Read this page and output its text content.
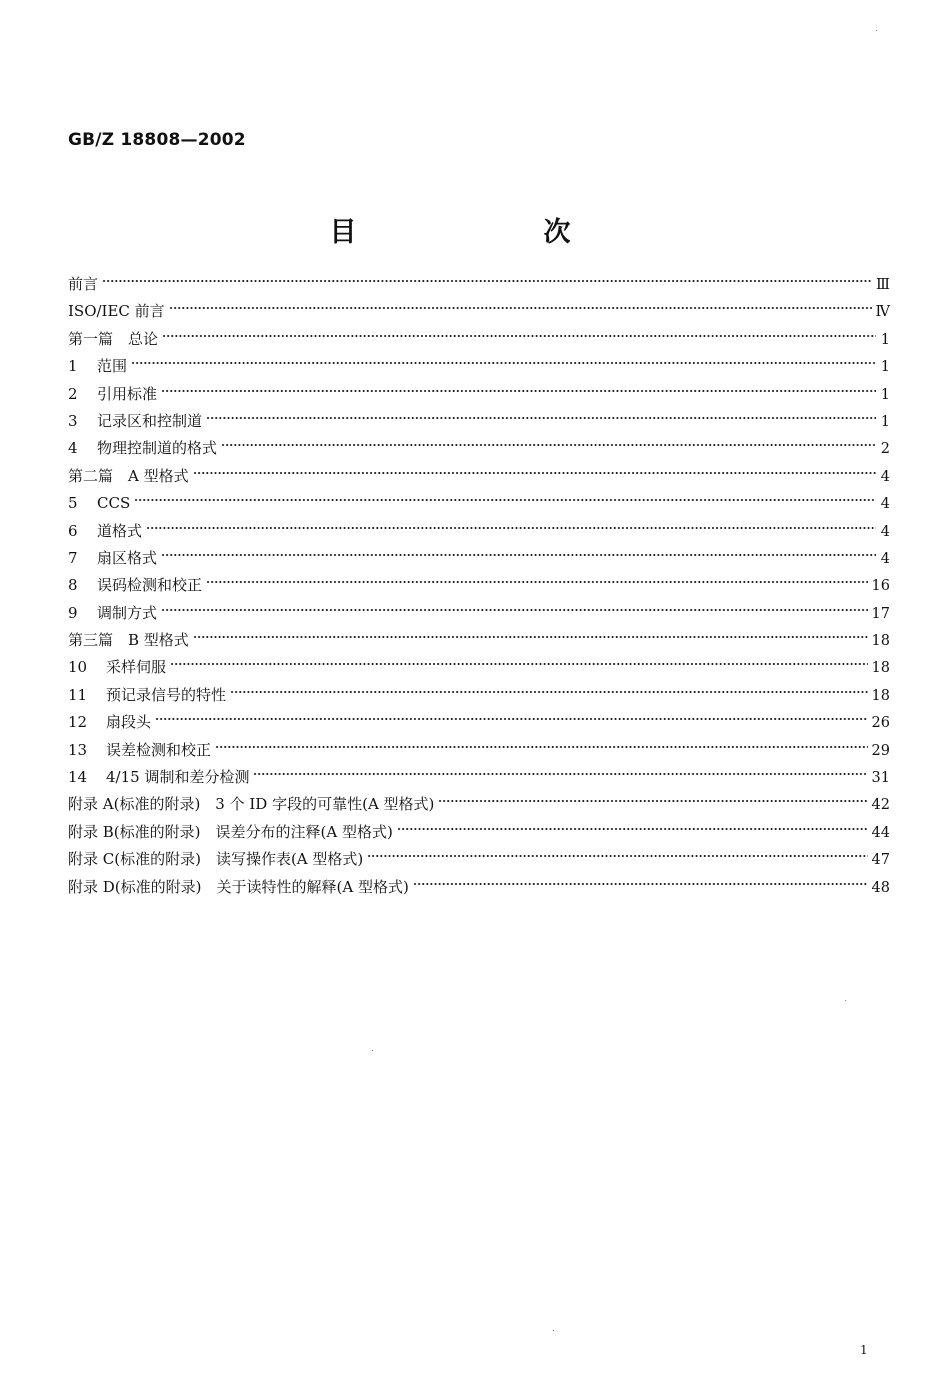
GB/Z 18808—2002
目　次
前言	Ⅲ
ISO/IEC 前言	Ⅳ
第一篇　总论	1
1	范围	1
2	引用标准	1
3	记录区和控制道	1
4	物理控制道的格式	2
第二篇　A 型格式	4
5	CCS	4
6	道格式	4
7	扇区格式	4
8	误码检测和校正	16
9	调制方式	17
第三篇　B 型格式	18
10	采样伺服	18
11	预记录信号的特性	18
12	扇段头	26
13	误差检测和校正	29
14	4/15 调制和差分检测	31
附录 A(标准的附录)　3 个 ID 字段的可靠性(A 型格式)	42
附录 B(标准的附录)　误差分布的注释(A 型格式)	44
附录 C(标准的附录)　读写操作表(A 型格式)	47
附录 D(标准的附录)　关于读特性的解释(A 型格式)	48
1
